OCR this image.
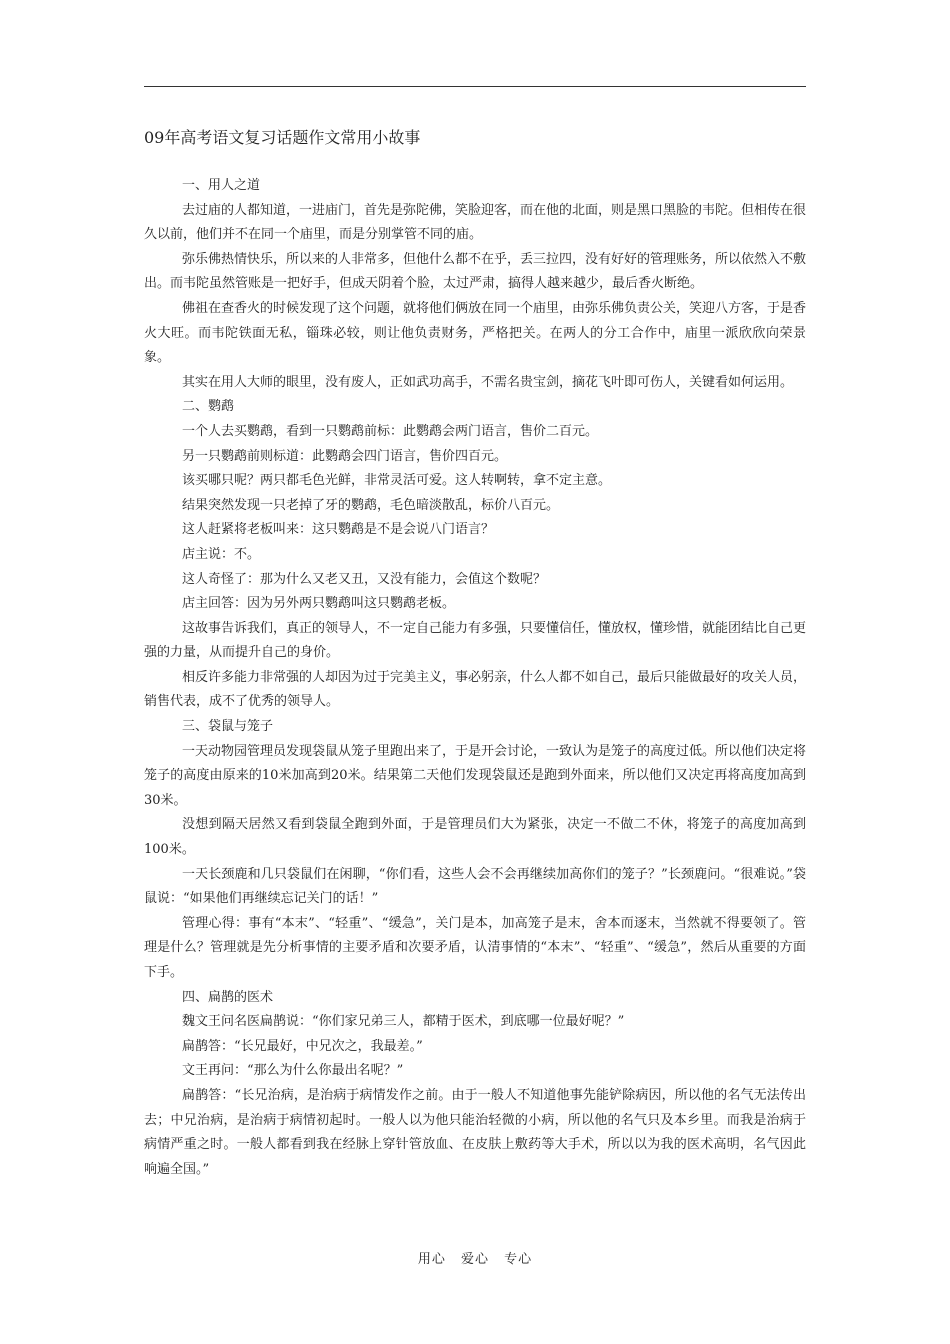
09年高考语文复习话题作文常用小故事

一、用人之道

去过庙的人都知道，一进庙门，首先是弥陀佛，笑脸迎客，而在他的北面，则是黑口黑脸的韦陀。但相传在很久以前，他们并不在同一个庙里，而是分别掌管不同的庙。

弥乐佛热情快乐，所以来的人非常多，但他什么都不在乎，丢三拉四，没有好好的管理账务，所以依然入不敷出。而韦陀虽然管账是一把好手，但成天阴着个脸，太过严肃，搞得人越来越少，最后香火断绝。

佛祖在查香火的时候发现了这个问题，就将他们俩放在同一个庙里，由弥乐佛负责公关，笑迎八方客，于是香火大旺。而韦陀铁面无私，锱珠必较，则让他负责财务，严格把关。在两人的分工合作中，庙里一派欣欣向荣景象。

其实在用人大师的眼里，没有废人，正如武功高手，不需名贵宝剑，摘花飞叶即可伤人，关键看如何运用。

二、鹦鹉

一个人去买鹦鹉，看到一只鹦鹉前标：此鹦鹉会两门语言，售价二百元。

另一只鹦鹉前则标道：此鹦鹉会四门语言，售价四百元。

该买哪只呢？两只都毛色光鲜，非常灵活可爱。这人转啊转，拿不定主意。

结果突然发现一只老掉了牙的鹦鹉，毛色暗淡散乱，标价八百元。

这人赶紧将老板叫来：这只鹦鹉是不是会说八门语言？

店主说：不。

这人奇怪了：那为什么又老又丑，又没有能力，会值这个数呢？

店主回答：因为另外两只鹦鹉叫这只鹦鹉老板。

这故事告诉我们，真正的领导人，不一定自己能力有多强，只要懂信任，懂放权，懂珍惜，就能团结比自己更强的力量，从而提升自己的身价。

相反许多能力非常强的人却因为过于完美主义，事必躬亲，什么人都不如自己，最后只能做最好的攻关人员，销售代表，成不了优秀的领导人。

三、袋鼠与笼子

一天动物园管理员发现袋鼠从笼子里跑出来了，于是开会讨论，一致认为是笼子的高度过低。所以他们决定将笼子的高度由原来的10米加高到20米。结果第二天他们发现袋鼠还是跑到外面来，所以他们又决定再将高度加高到30米。

没想到隔天居然又看到袋鼠全跑到外面，于是管理员们大为紧张，决定一不做二不休，将笼子的高度加高到100米。

一天长颈鹿和几只袋鼠们在闲聊，“你们看，这些人会不会再继续加高你们的笼子？”长颈鹿问。“很难说。”袋鼠说：“如果他们再继续忘记关门的话！”

管理心得：事有“本末”、“轻重”、“缓急”，关门是本，加高笼子是末，舍本而逐末，当然就不得要领了。管理是什么？管理就是先分析事情的主要矛盾和次要矛盾，认清事情的“本末”、“轻重”、“缓急”，然后从重要的方面下手。

四、扁鹊的医术

魏文王问名医扁鹊说：“你们家兄弟三人，都精于医术，到底哪一位最好呢？”

扁鹊答：“长兄最好，中兄次之，我最差。”

文王再问：“那么为什么你最出名呢？”

扁鹊答：“长兄治病，是治病于病情发作之前。由于一般人不知道他事先能铲除病因，所以他的名气无法传出去；中兄治病，是治病于病情初起时。一般人以为他只能治轻微的小病，所以他的名气只及本乡里。而我是治病于病情严重之时。一般人都看到我在经脉上穿针管放血、在皮肤上敷药等大手术，所以以为我的医术高明，名气因此响遍全国。”

用心 爱心 专心
